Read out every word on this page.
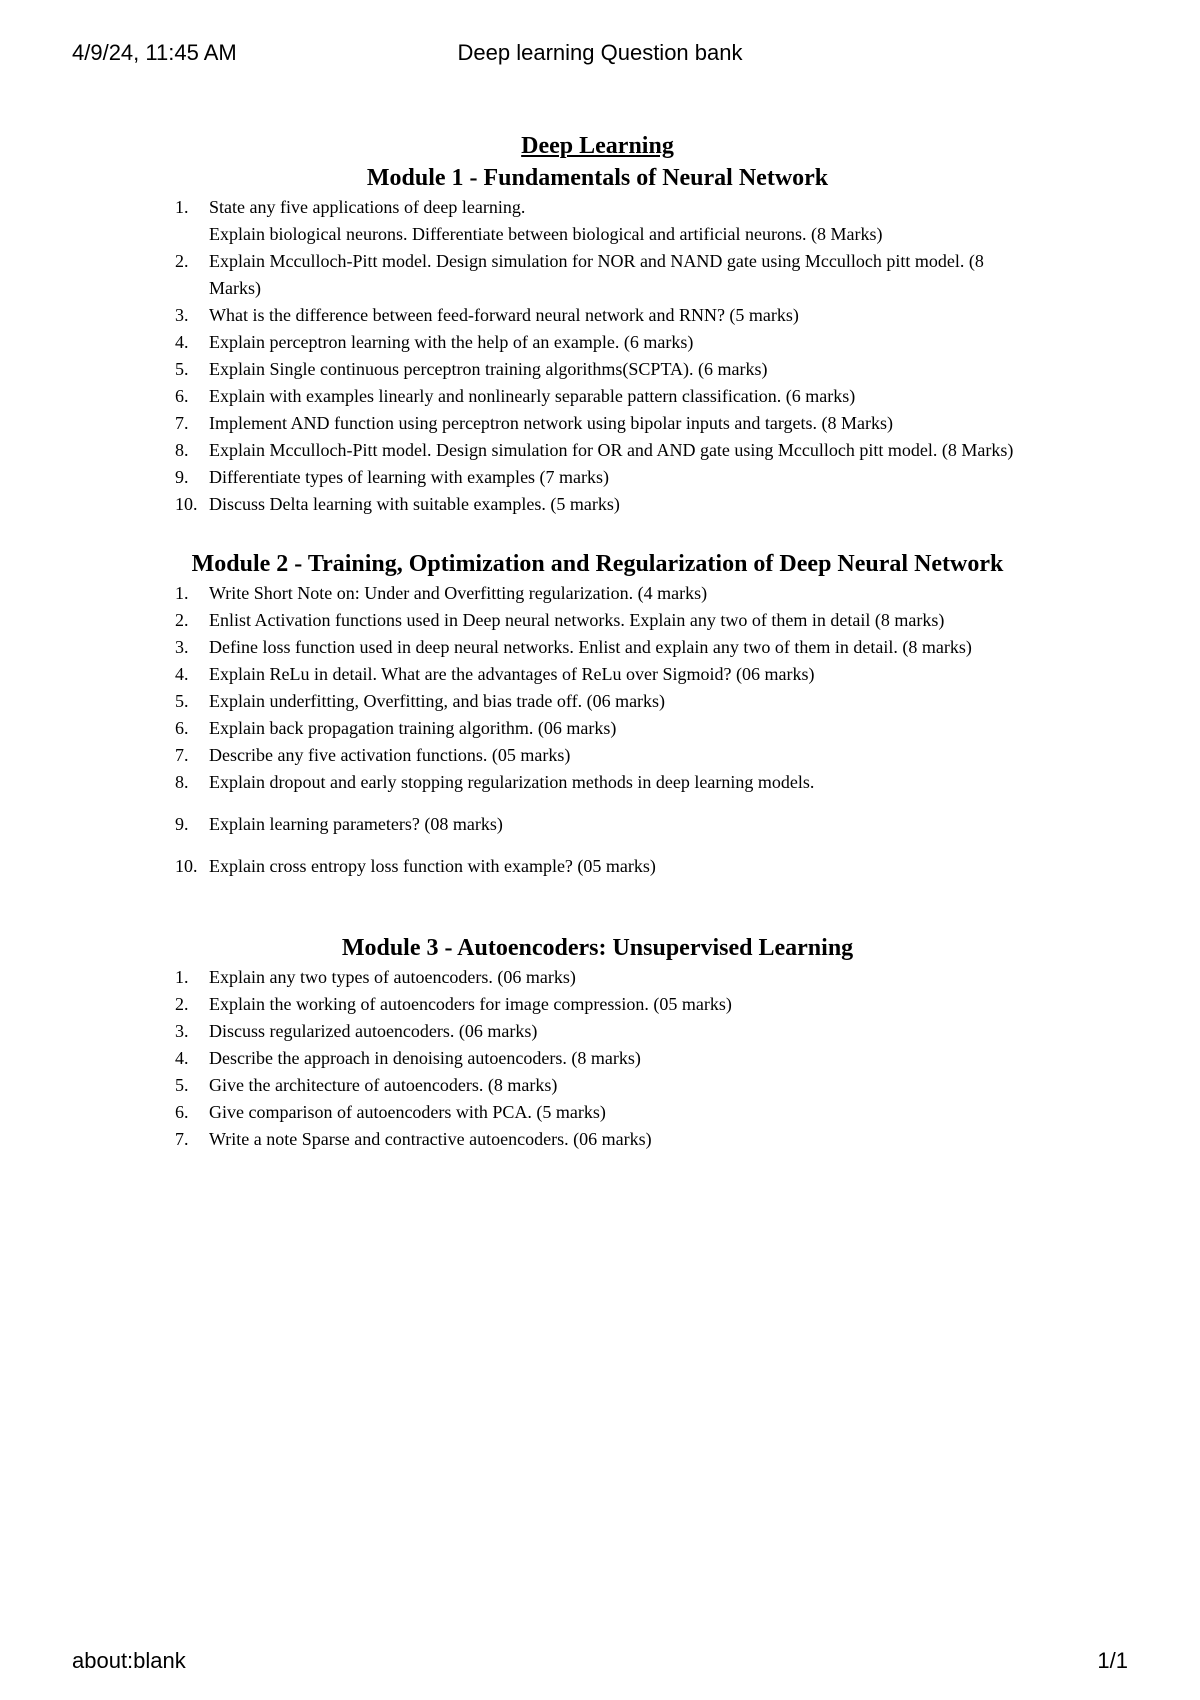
4/9/24, 11:45 AM	Deep learning Question bank
Deep Learning
Module 1 - Fundamentals of Neural Network
1. State any five applications of deep learning.
Explain biological neurons. Differentiate between biological and artificial neurons. (8 Marks)
2. Explain Mcculloch-Pitt model. Design simulation for NOR and NAND gate using Mcculloch pitt model. (8 Marks)
3. What is the difference between feed-forward neural network and RNN? (5 marks)
4. Explain perceptron learning with the help of an example. (6 marks)
5. Explain Single continuous perceptron training algorithms(SCPTA). (6 marks)
6. Explain with examples linearly and nonlinearly separable pattern classification. (6 marks)
7. Implement AND function using perceptron network using bipolar inputs and targets. (8 Marks)
8. Explain Mcculloch-Pitt model. Design simulation for OR and AND gate using Mcculloch pitt model. (8 Marks)
9. Differentiate types of learning with examples (7 marks)
10. Discuss Delta learning with suitable examples. (5 marks)
Module 2 - Training, Optimization and Regularization of Deep Neural Network
1. Write Short Note on: Under and Overfitting regularization. (4 marks)
2. Enlist Activation functions used in Deep neural networks. Explain any two of them in detail (8 marks)
3. Define loss function used in deep neural networks. Enlist and explain any two of them in detail. (8 marks)
4. Explain ReLu in detail. What are the advantages of ReLu over Sigmoid? (06 marks)
5. Explain underfitting, Overfitting, and bias trade off. (06 marks)
6. Explain back propagation training algorithm. (06 marks)
7. Describe any five activation functions. (05 marks)
8. Explain dropout and early stopping regularization methods in deep learning models.
9. Explain learning parameters? (08 marks)
10. Explain cross entropy loss function with example? (05 marks)
Module 3 - Autoencoders: Unsupervised Learning
1. Explain any two types of autoencoders. (06 marks)
2. Explain the working of autoencoders for image compression. (05 marks)
3. Discuss regularized autoencoders. (06 marks)
4. Describe the approach in denoising autoencoders. (8 marks)
5. Give the architecture of autoencoders. (8 marks)
6. Give comparison of autoencoders with PCA. (5 marks)
7. Write a note Sparse and contractive autoencoders. (06 marks)
about:blank	1/1
